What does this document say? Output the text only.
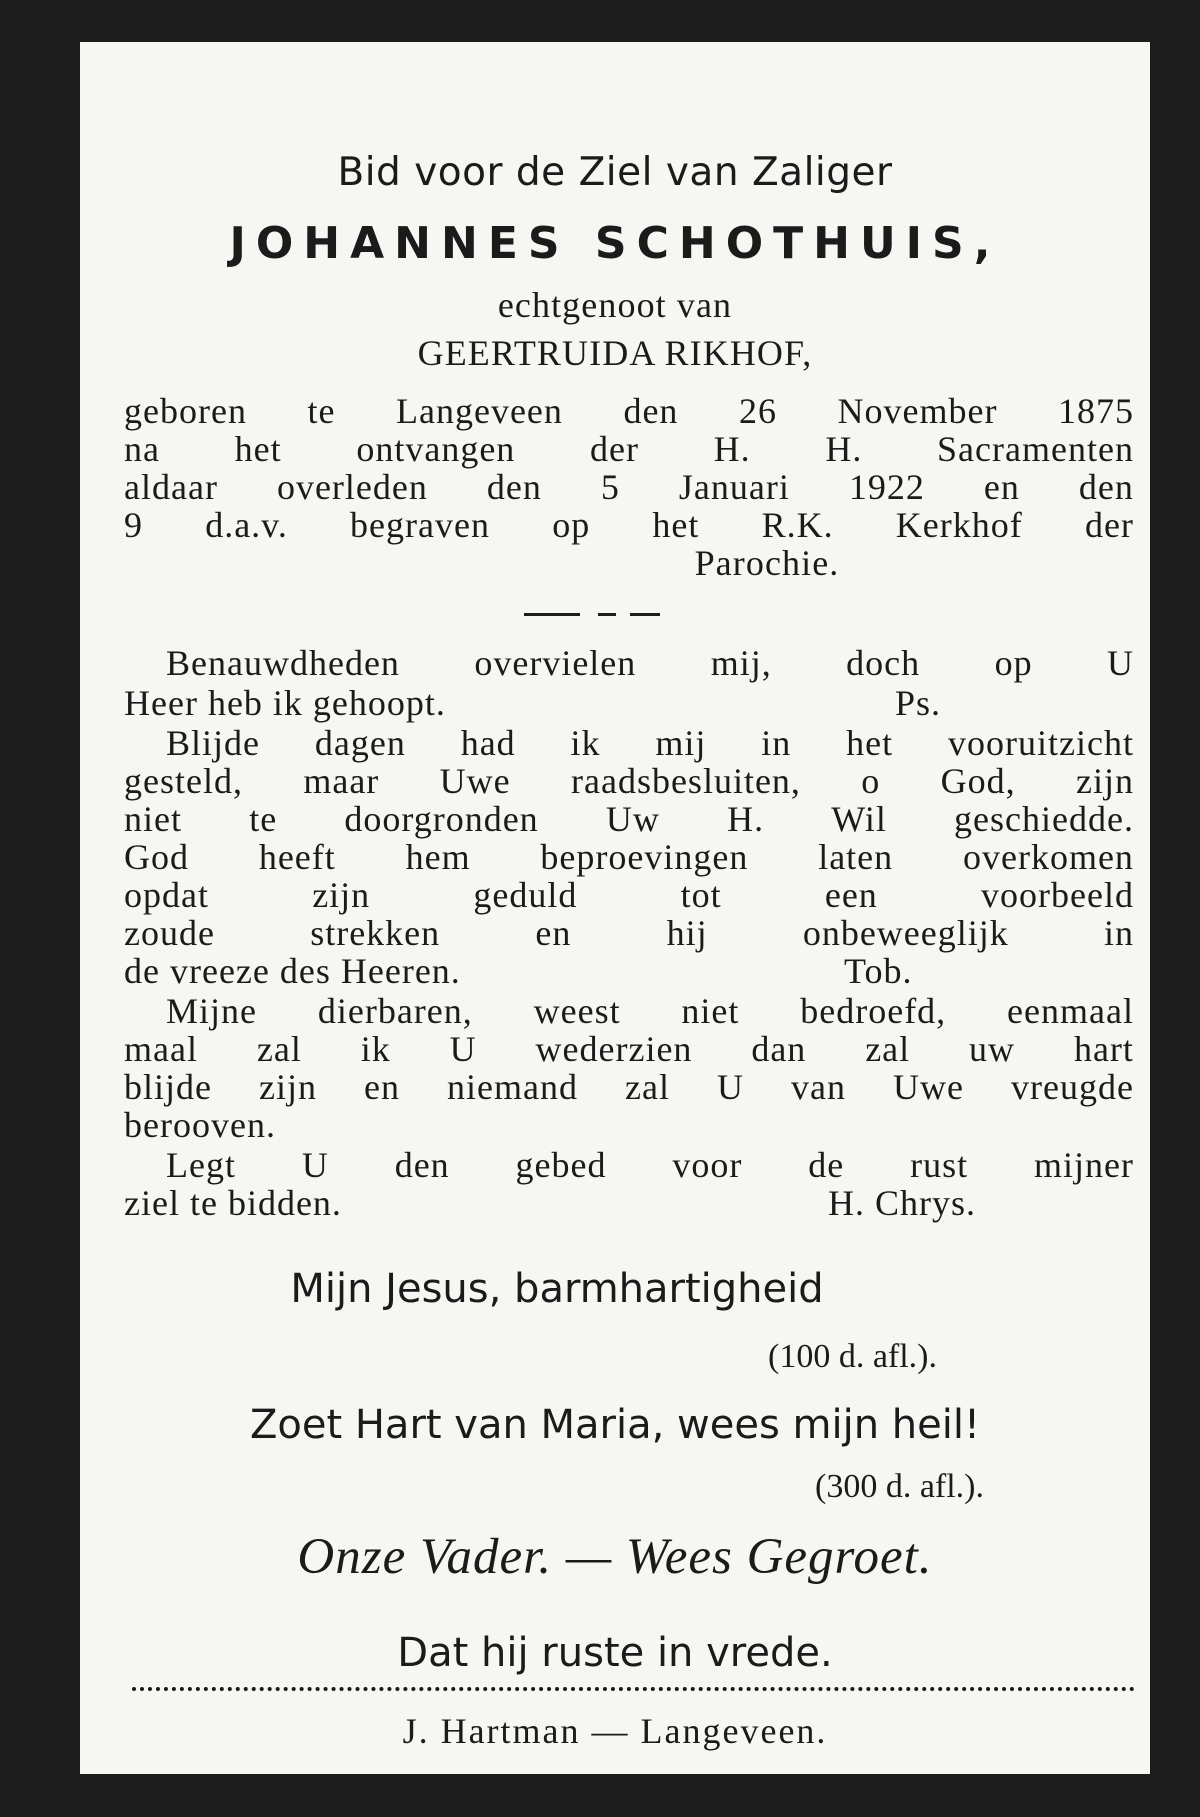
Bid voor de Ziel van Zaliger
JOHANNES SCHOTHUIS,
echtgenoot van
GEERTRUIDA RIKHOF,
geboren te Langeveen den 26 November 1875
na het ontvangen der H. H. Sacramenten
aldaar overleden den 5 Januari 1922 en den
9 d.a.v. begraven op het R.K. Kerkhof der
Parochie.
Benauwdheden overvielen mij, doch op U
Heer heb ik gehoopt.	Ps.
Blijde dagen had ik mij in het vooruitzicht
gesteld, maar Uwe raadsbesluiten, o God, zijn
niet te doorgronden Uw H. Wil geschiedde.
God heeft hem beproevingen laten overkomen
opdat	zijn	geduld	tot	een	voorbeeld
zoude	strekken	en	hij	onbeweeglijk	in
de vreeze des Heeren.	Tob.
Mijne dierbaren, weest niet bedroefd, eenmaal
maal zal ik U wederzien dan zal uw hart
blijde zijn en niemand zal U van Uwe vreugde
berooven.
Legt U den gebed voor de rust mijner
ziel te bidden.	H. Chrys.
Mijn Jesus, barmhartigheid
(100 d. afl.).
Zoet Hart van Maria, wees mijn heil!
(300 d. afl.).
Onze Vader. — Wees Gegroet.
Dat hij ruste in vrede.
J. Hartman — Langeveen.
